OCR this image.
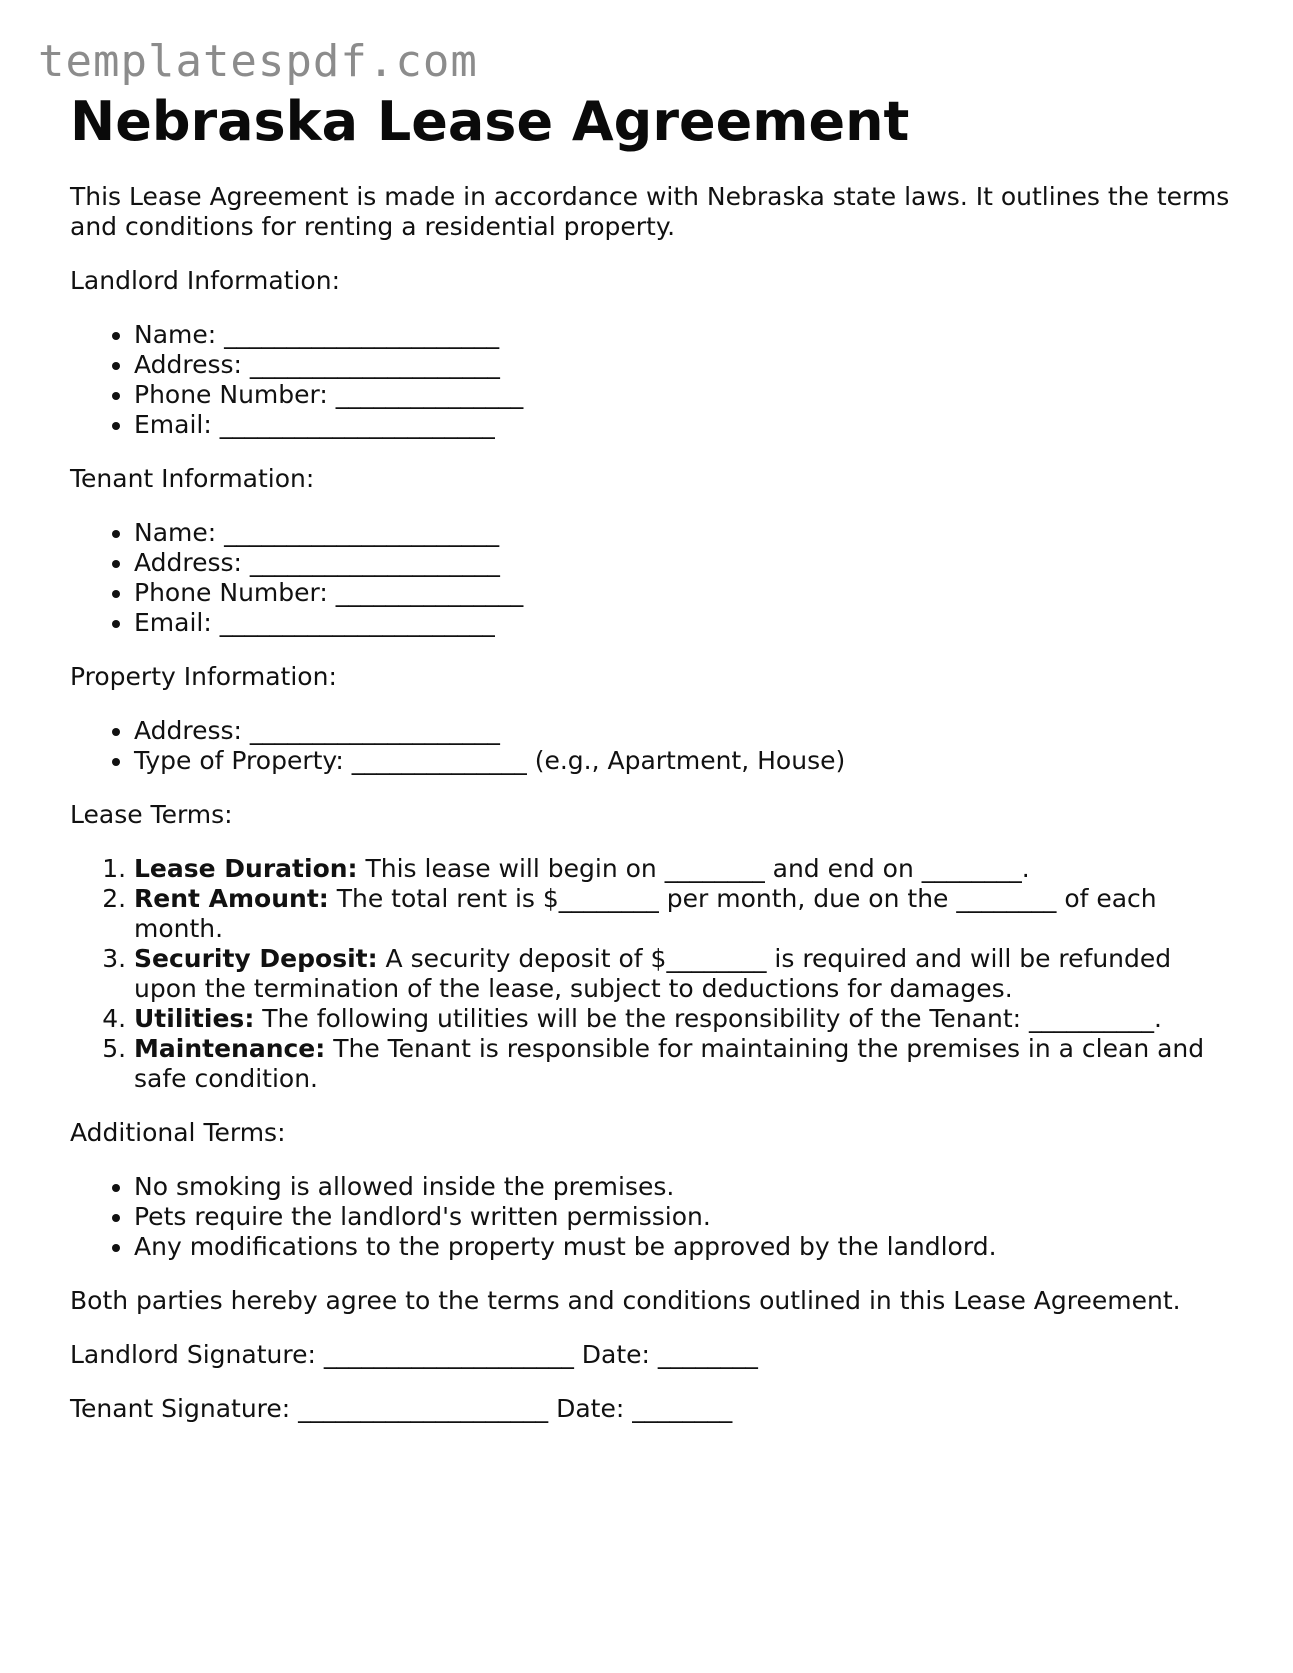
templatespdf.com
Nebraska Lease Agreement

This Lease Agreement is made in accordance with Nebraska state laws. It outlines the terms and conditions for renting a residential property.

Landlord Information:

• Name: ______________________
• Address: ____________________
• Phone Number: _______________
• Email: ______________________

Tenant Information:

• Name: ______________________
• Address: ____________________
• Phone Number: _______________
• Email: ______________________

Property Information:

• Address: ____________________
• Type of Property: ______________ (e.g., Apartment, House)

Lease Terms:

1. Lease Duration: This lease will begin on ________ and end on ________.
2. Rent Amount: The total rent is $________ per month, due on the ________ of each month.
3. Security Deposit: A security deposit of $________ is required and will be refunded upon the termination of the lease, subject to deductions for damages.
4. Utilities: The following utilities will be the responsibility of the Tenant: __________.
5. Maintenance: The Tenant is responsible for maintaining the premises in a clean and safe condition.

Additional Terms:

• No smoking is allowed inside the premises.
• Pets require the landlord's written permission.
• Any modifications to the property must be approved by the landlord.

Both parties hereby agree to the terms and conditions outlined in this Lease Agreement.

Landlord Signature: ____________________ Date: ________

Tenant Signature: ____________________ Date: ________
